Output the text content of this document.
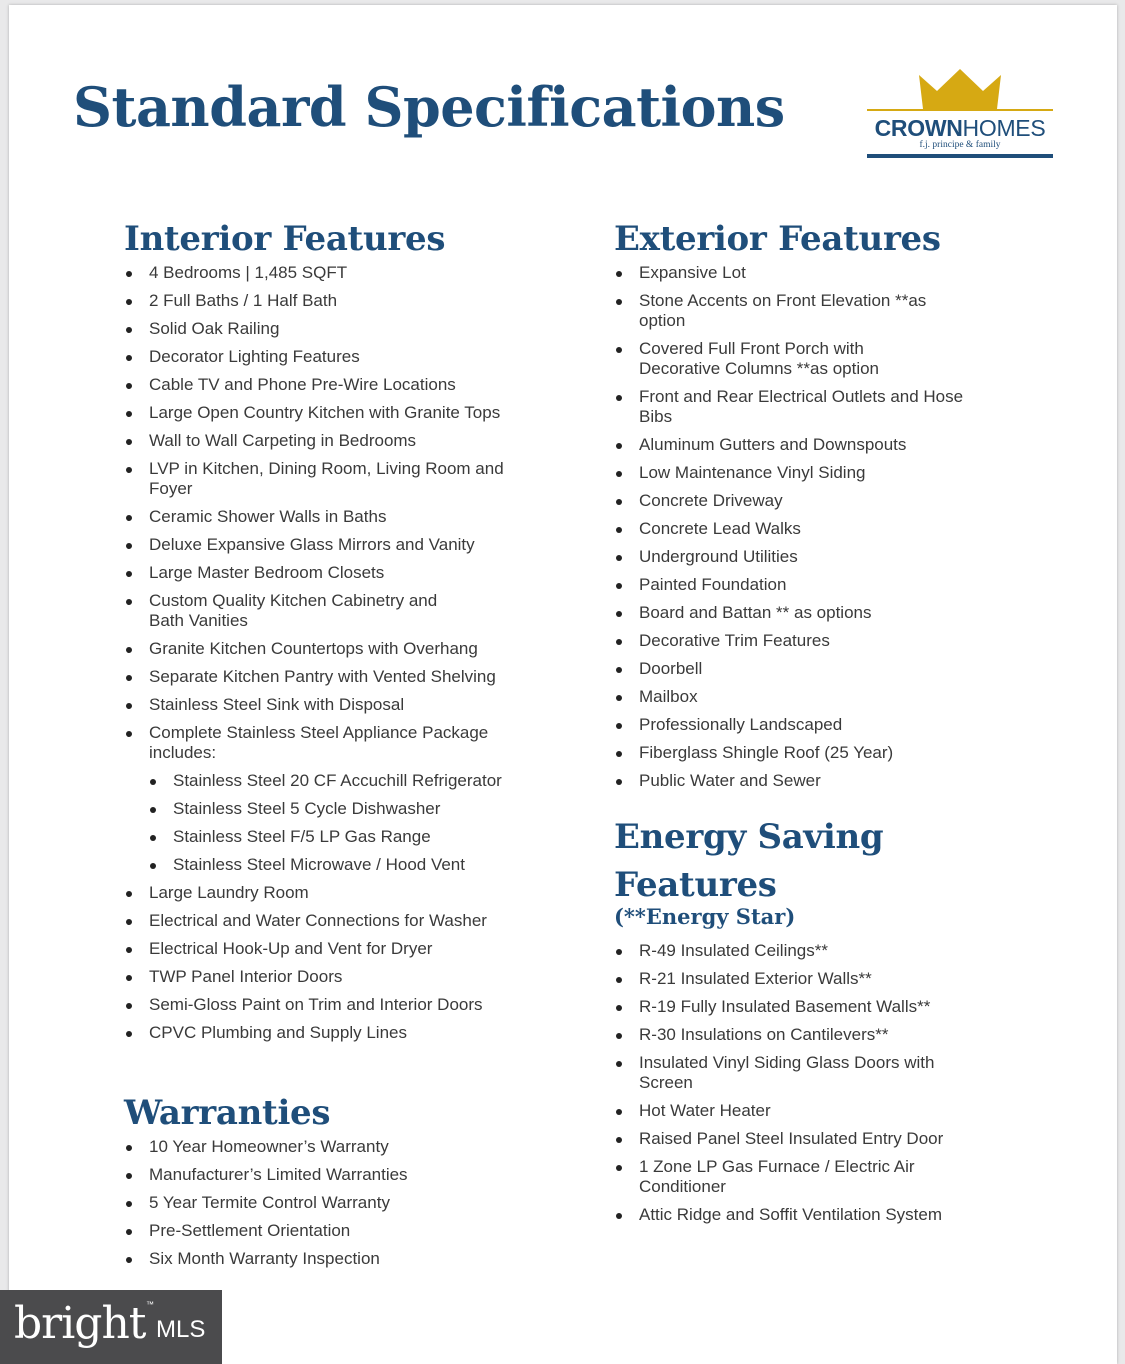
Standard Specifications	CROWNHOMES
f.j. principe & family
Interior Features
4 Bedrooms | 1,485 SQFT
2 Full Baths / 1 Half Bath
Solid Oak Railing
Decorator Lighting Features
Cable TV and Phone Pre-Wire Locations
Large Open Country Kitchen with Granite Tops
Wall to Wall Carpeting in Bedrooms
LVP in Kitchen, Dining Room, Living Room and Foyer
Ceramic Shower Walls in Baths
Deluxe Expansive Glass Mirrors and Vanity
Large Master Bedroom Closets
Custom Quality Kitchen Cabinetry and Bath Vanities
Granite Kitchen Countertops with Overhang
Separate Kitchen Pantry with Vented Shelving
Stainless Steel Sink with Disposal
Complete Stainless Steel Appliance Package includes:
Stainless Steel 20 CF Accuchill Refrigerator
Stainless Steel 5 Cycle Dishwasher
Stainless Steel F/5 LP Gas Range
Stainless Steel Microwave / Hood Vent
Large Laundry Room
Electrical and Water Connections for Washer
Electrical Hook-Up and Vent for Dryer
TWP Panel Interior Doors
Semi-Gloss Paint on Trim and Interior Doors
CPVC Plumbing and Supply Lines
Warranties
10 Year Homeowner’s Warranty
Manufacturer’s Limited Warranties
5 Year Termite Control Warranty
Pre-Settlement Orientation
Six Month Warranty Inspection
Exterior Features
Expansive Lot
Stone Accents on Front Elevation **as option
Covered Full Front Porch with Decorative Columns **as option
Front and Rear Electrical Outlets and Hose Bibs
Aluminum Gutters and Downspouts
Low Maintenance Vinyl Siding
Concrete Driveway
Concrete Lead Walks
Underground Utilities
Painted Foundation
Board and Battan ** as options
Decorative Trim Features
Doorbell
Mailbox
Professionally Landscaped
Fiberglass Shingle Roof (25 Year)
Public Water and Sewer
Energy Saving Features
(**Energy Star)
R-49 Insulated Ceilings**
R-21 Insulated Exterior Walls**
R-19 Fully Insulated Basement Walls**
R-30 Insulations on Cantilevers**
Insulated Vinyl Siding Glass Doors with Screen
Hot Water Heater
Raised Panel Steel Insulated Entry Door
1 Zone LP Gas Furnace / Electric Air Conditioner
Attic Ridge and Soffit Ventilation System
bright ™
MLS
